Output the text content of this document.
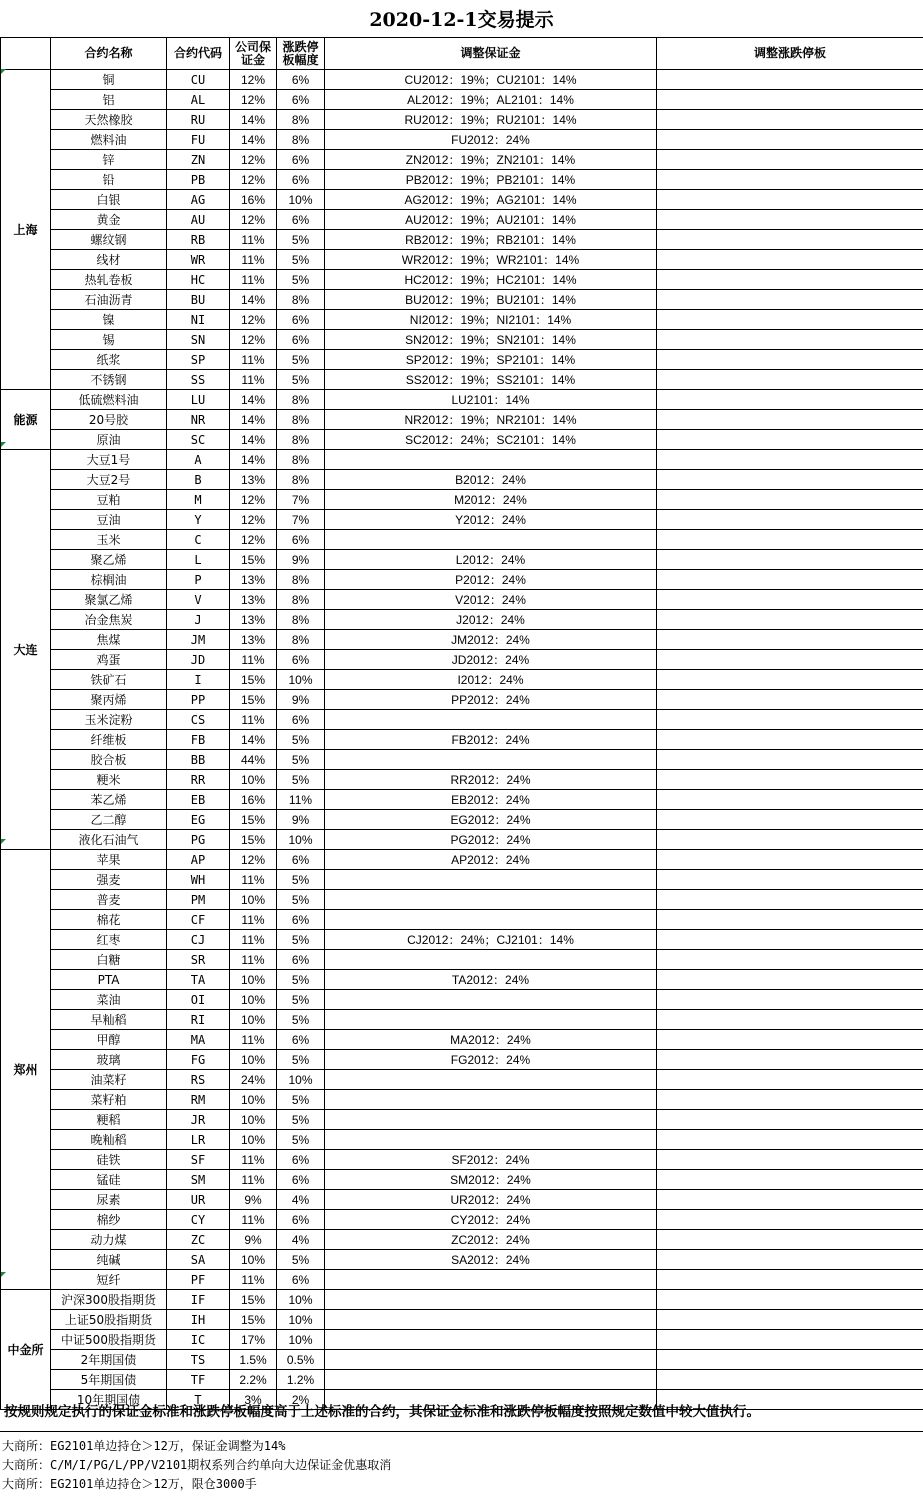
2020-12-1交易提示
	合约名称	合约代码	公司保证金	涨跌停板幅度	调整保证金	调整涨跌停板
上海	铜	CU	12%	6%	CU2012：19%；CU2101：14%	
	铝	AL	12%	6%	AL2012：19%；AL2101：14%	
	天然橡胶	RU	14%	8%	RU2012：19%；RU2101：14%	
	燃料油	FU	14%	8%	FU2012：24%	
	锌	ZN	12%	6%	ZN2012：19%；ZN2101：14%	
	铅	PB	12%	6%	PB2012：19%；PB2101：14%	
	白银	AG	16%	10%	AG2012：19%；AG2101：14%	
	黄金	AU	12%	6%	AU2012：19%；AU2101：14%	
	螺纹钢	RB	11%	5%	RB2012：19%；RB2101：14%	
	线材	WR	11%	5%	WR2012：19%；WR2101：14%	
	热轧卷板	HC	11%	5%	HC2012：19%；HC2101：14%	
	石油沥青	BU	14%	8%	BU2012：19%；BU2101：14%	
	镍	NI	12%	6%	NI2012：19%；NI2101：14%	
	锡	SN	12%	6%	SN2012：19%；SN2101：14%	
	纸浆	SP	11%	5%	SP2012：19%；SP2101：14%	
	不锈钢	SS	11%	5%	SS2012：19%；SS2101：14%	
能源	低硫燃料油	LU	14%	8%	LU2101：14%	
	20号胶	NR	14%	8%	NR2012：19%；NR2101：14%	
	原油	SC	14%	8%	SC2012：24%；SC2101：14%	
大连	大豆1号	A	14%	8%		
	大豆2号	B	13%	8%	B2012：24%	
	豆粕	M	12%	7%	M2012：24%	
	豆油	Y	12%	7%	Y2012：24%	
	玉米	C	12%	6%		
	聚乙烯	L	15%	9%	L2012：24%	
	棕榈油	P	13%	8%	P2012：24%	
	聚氯乙烯	V	13%	8%	V2012：24%	
	冶金焦炭	J	13%	8%	J2012：24%	
	焦煤	JM	13%	8%	JM2012：24%	
	鸡蛋	JD	11%	6%	JD2012：24%	
	铁矿石	I	15%	10%	I2012：24%	
	聚丙烯	PP	15%	9%	PP2012：24%	
	玉米淀粉	CS	11%	6%		
	纤维板	FB	14%	5%	FB2012：24%	
	胶合板	BB	44%	5%		
	粳米	RR	10%	5%	RR2012：24%	
	苯乙烯	EB	16%	11%	EB2012：24%	
	乙二醇	EG	15%	9%	EG2012：24%	
	液化石油气	PG	15%	10%	PG2012：24%	
郑州	苹果	AP	12%	6%	AP2012：24%	
	强麦	WH	11%	5%		
	普麦	PM	10%	5%		
	棉花	CF	11%	6%		
	红枣	CJ	11%	5%	CJ2012：24%；CJ2101：14%	
	白糖	SR	11%	6%		
	PTA	TA	10%	5%	TA2012：24%	
	菜油	OI	10%	5%		
	早籼稻	RI	10%	5%		
	甲醇	MA	11%	6%	MA2012：24%	
	玻璃	FG	10%	5%	FG2012：24%	
	油菜籽	RS	24%	10%		
	菜籽粕	RM	10%	5%		
	粳稻	JR	10%	5%		
	晚籼稻	LR	10%	5%		
	硅铁	SF	11%	6%	SF2012：24%	
	锰硅	SM	11%	6%	SM2012：24%	
	尿素	UR	9%	4%	UR2012：24%	
	棉纱	CY	11%	6%	CY2012：24%	
	动力煤	ZC	9%	4%	ZC2012：24%	
	纯碱	SA	10%	5%	SA2012：24%	
	短纤	PF	11%	6%		
中金所	沪深300股指期货	IF	15%	10%		
	上证50股指期货	IH	15%	10%		
	中证500股指期货	IC	17%	10%		
	2年期国债	TS	1.5%	0.5%		
	5年期国债	TF	2.2%	1.2%		
	10年期国债	T	3%	2%		
按规则规定执行的保证金标准和涨跌停板幅度高于上述标准的合约，其保证金标准和涨跌停板幅度按照规定数值中较大值执行。
大商所：EG2101单边持仓＞12万，保证金调整为14%
大商所：C/M/I/PG/L/PP/V2101期权系列合约单向大边保证金优惠取消
大商所：EG2101单边持仓＞12万，限仓3000手
